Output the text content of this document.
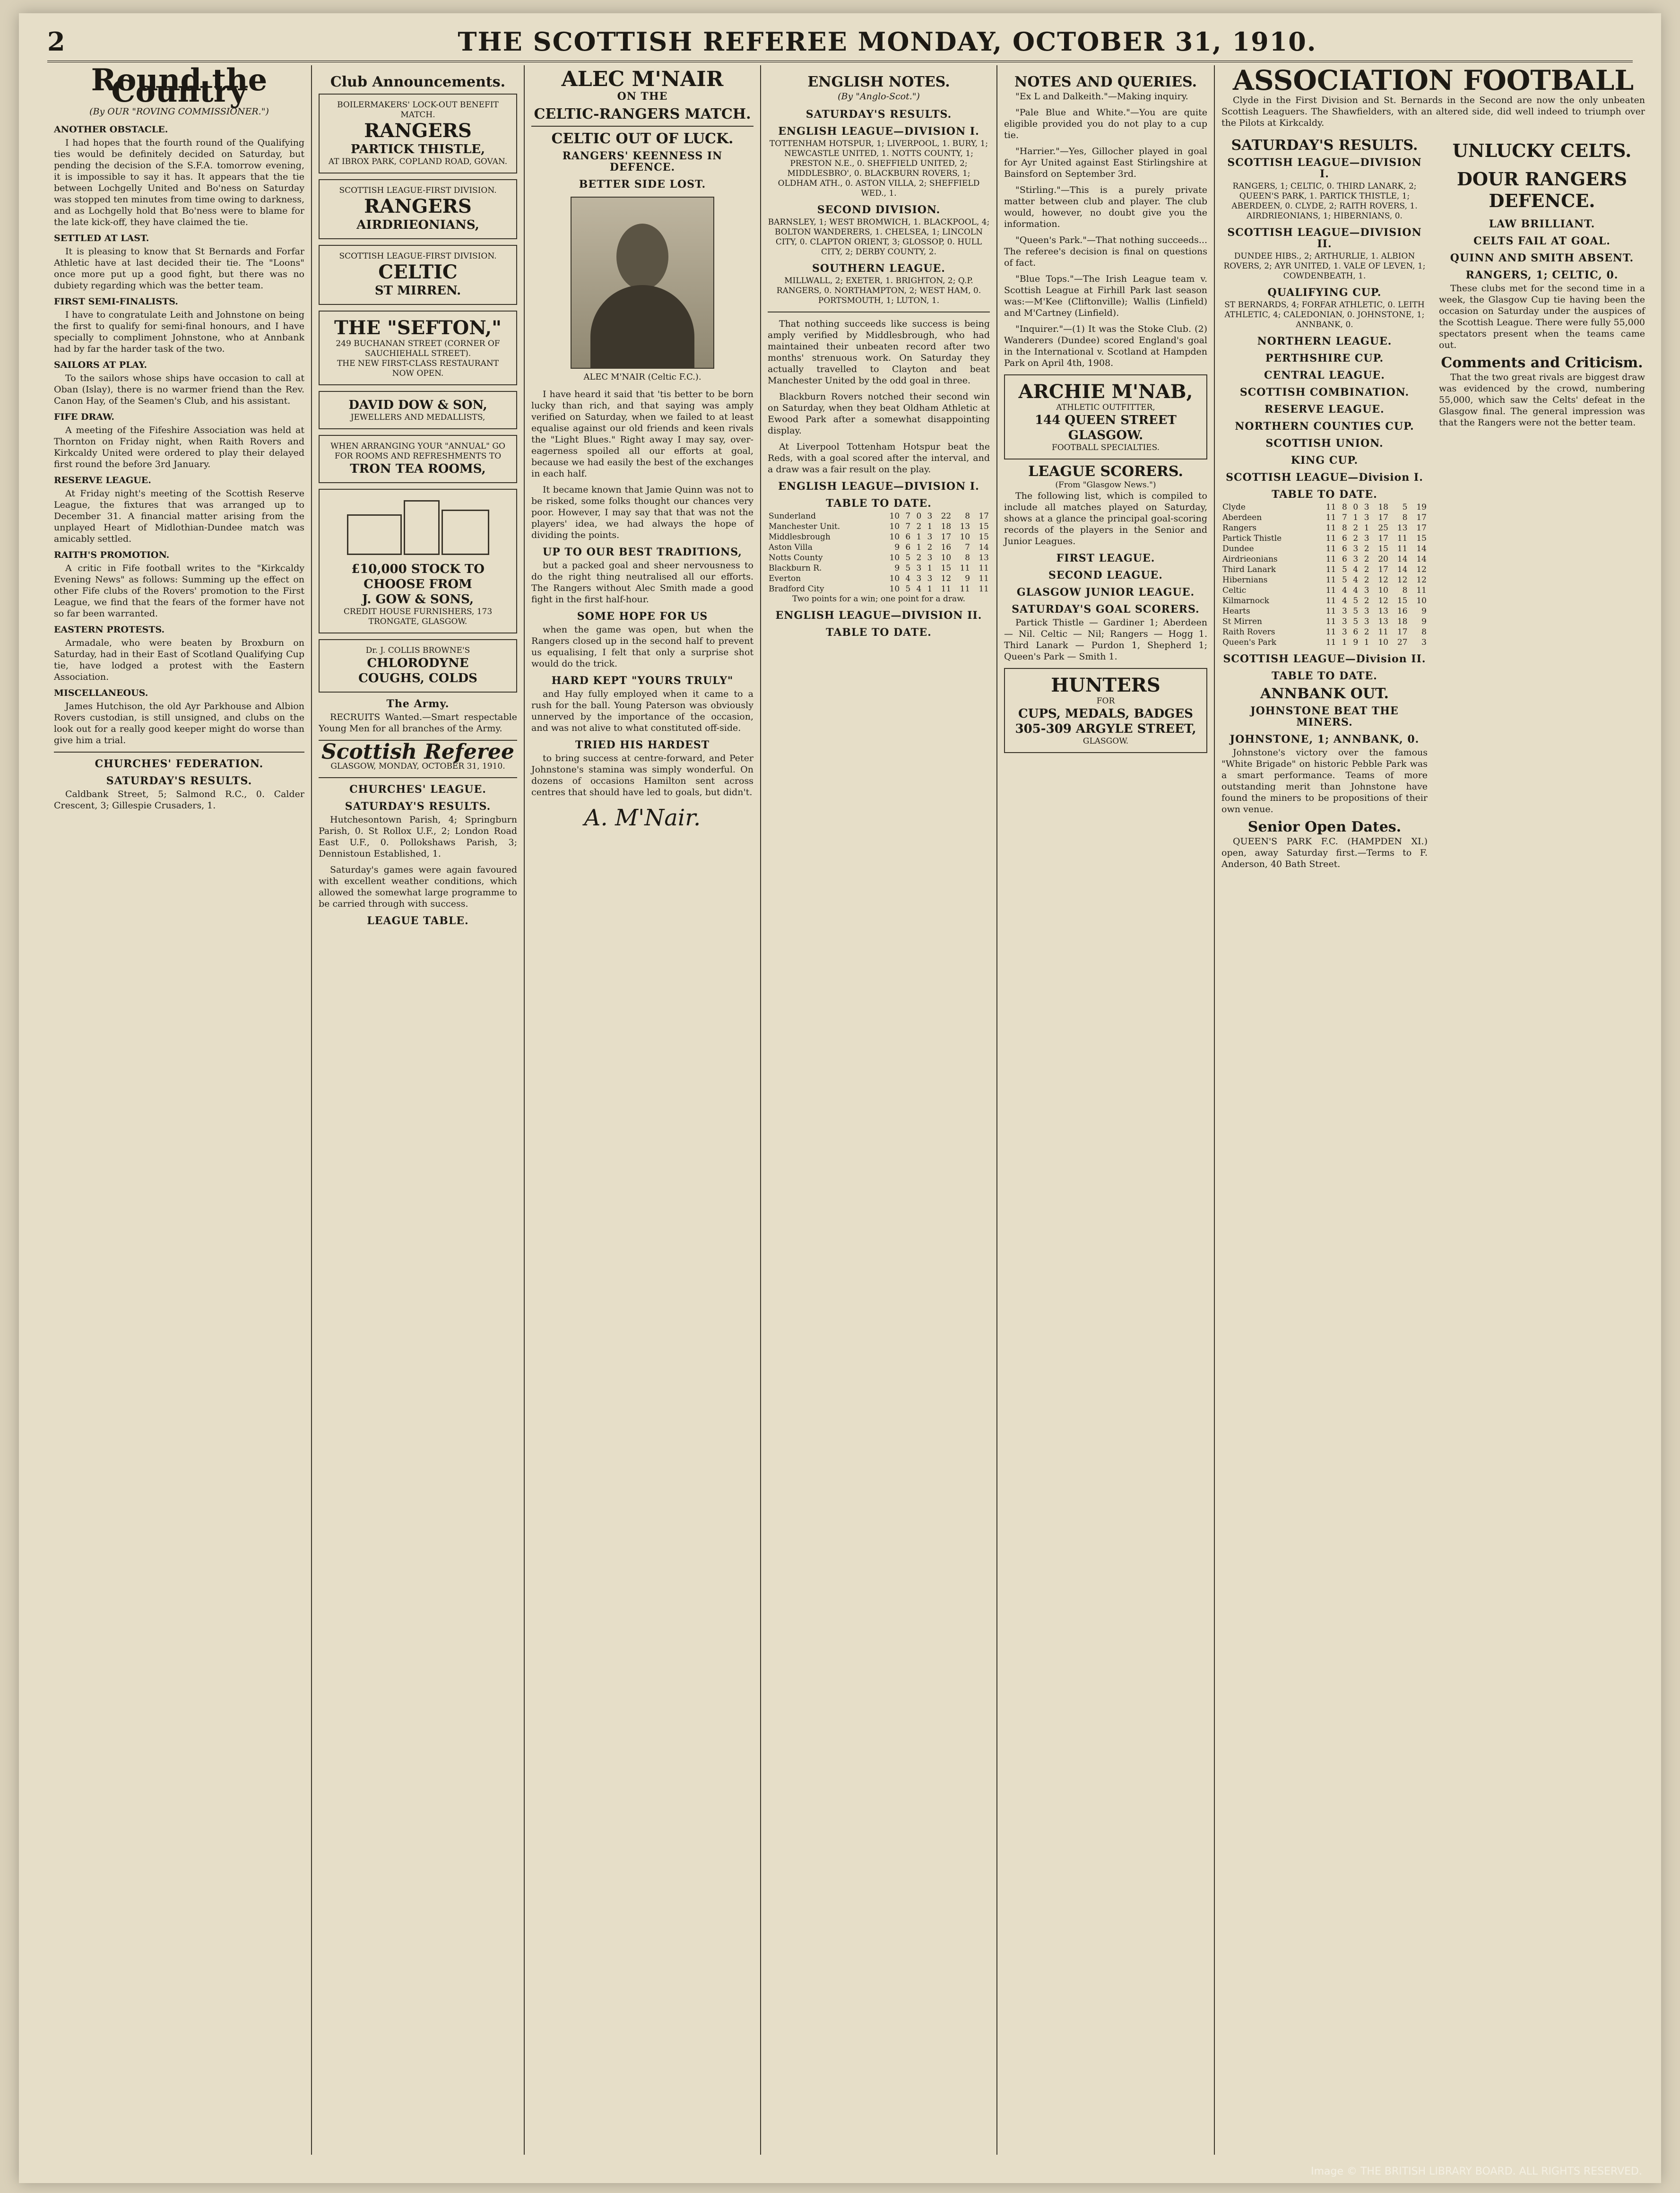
2	THE SCOTTISH REFEREE MONDAY, OCTOBER 31, 1910.
Round the Country
(By OUR "ROVING COMMISSIONER.")
ANOTHER OBSTACLE.

I had hopes that the fourth round of the Qualifying ties would be definitely decided on Saturday, but pending the decision of the S.F.A. tomorrow evening, it is impossible to say it has. It appears that the tie between Lochgelly United and Bo'ness on Saturday was stopped ten minutes from time owing to darkness, and as Lochgelly hold that Bo'ness were to blame for the late kick-off, they have claimed the tie.

SETTLED AT LAST.

It is pleasing to know that St Bernards and Forfar Athletic have at last decided their tie. The "Loons" once more put up a good fight, but there was no dubiety regarding which was the better team.

FIRST SEMI-FINALISTS.

I have to congratulate Leith and Johnstone on being the first to qualify for semi-final honours, and I have specially to compliment Johnstone, who at Annbank had by far the harder task of the two.

SAILORS AT PLAY.

To the sailors whose ships have occasion to call at Oban (Islay), there is no warmer friend than the Rev. Canon Hay, of the Seamen's Club, and his assistant.

FIFE DRAW.

A meeting of the Fifeshire Association was held at Thornton on Friday night, when Raith Rovers and Kirkcaldy United were ordered to play their delayed first round the before 3rd January.

RESERVE LEAGUE.

At Friday night's meeting of the Scottish Reserve League, the fixtures that was arranged up to December 31. A financial matter arising from the unplayed Heart of Midlothian-Dundee match was amicably settled.

RAITH'S PROMOTION.

A critic in Fife football writes to the "Kirkcaldy Evening News" as follows: Summing up the effect on other Fife clubs of the Rovers' promotion to the First League, we find that the fears of the former have not so far been warranted.

EASTERN PROTESTS.

Armadale, who were beaten by Broxburn on Saturday, had in their East of Scotland Qualifying Cup tie, have lodged a protest with the Eastern Association.

MISCELLANEOUS.

James Hutchison, the old Ayr Parkhouse and Albion Rovers custodian, is still unsigned, and clubs on the look out for a really good keeper might do worse than give him a trial.

CHURCHES' FEDERATION.
SATURDAY'S RESULTS.

Caldbank Street, 5; Salmond R.C., 0. Calder Crescent, 3; Gillespie Crusaders, 1.

Club Announcements.
BOILERMAKERS' LOCK-OUT BENEFIT MATCH.
RANGERS
PARTICK THISTLE,
AT IBROX PARK, COPLAND ROAD, GOVAN.
SCOTTISH LEAGUE-FIRST DIVISION.
RANGERS
AIRDRIEONIANS,
SCOTTISH LEAGUE-FIRST DIVISION.
CELTIC
ST MIRREN.
THE "SEFTON,"
249 BUCHANAN STREET (CORNER OF SAUCHIEHALL STREET).
THE NEW FIRST-CLASS RESTAURANT NOW OPEN.
DAVID DOW & SON,
JEWELLERS AND MEDALLISTS,
WHEN ARRANGING YOUR "ANNUAL" GO FOR ROOMS AND REFRESHMENTS TO
TRON TEA ROOMS,
£10,000 STOCK TO CHOOSE FROM
J. GOW & SONS,
CREDIT HOUSE FURNISHERS, 173 TRONGATE, GLASGOW.
Dr. J. COLLIS BROWNE'S
CHLORODYNE
COUGHS, COLDS
The Army.

RECRUITS Wanted.—Smart respectable Young Men for all branches of the Army.

Scottish Referee
GLASGOW, MONDAY, OCTOBER 31, 1910.
CHURCHES' LEAGUE.
SATURDAY'S RESULTS.

Hutchesontown Parish, 4; Springburn Parish, 0. St Rollox U.F., 2; London Road East U.F., 0. Pollokshaws Parish, 3; Dennistoun Established, 1.

Saturday's games were again favoured with excellent weather conditions, which allowed the somewhat large programme to be carried through with success.

LEAGUE TABLE.
ALEC M'NAIR
ON THE
CELTIC-RANGERS MATCH.
CELTIC OUT OF LUCK.
RANGERS' KEENNESS IN DEFENCE.
BETTER SIDE LOST.
ALEC M'NAIR (Celtic F.C.).

I have heard it said that 'tis better to be born lucky than rich, and that saying was amply verified on Saturday, when we failed to at least equalise against our old friends and keen rivals the "Light Blues." Right away I may say, over-eagerness spoiled all our efforts at goal, because we had easily the best of the exchanges in each half.

It became known that Jamie Quinn was not to be risked, some folks thought our chances very poor. However, I may say that that was not the players' idea, we had always the hope of dividing the points.

UP TO OUR BEST TRADITIONS,

but a packed goal and sheer nervousness to do the right thing neutralised all our efforts. The Rangers without Alec Smith made a good fight in the first half-hour.

SOME HOPE FOR US

when the game was open, but when the Rangers closed up in the second half to prevent us equalising, I felt that only a surprise shot would do the trick.

HARD KEPT "YOURS TRULY"

and Hay fully employed when it came to a rush for the ball. Young Paterson was obviously unnerved by the importance of the occasion, and was not alive to what constituted off-side.

TRIED HIS HARDEST

to bring success at centre-forward, and Peter Johnstone's stamina was simply wonderful. On dozens of occasions Hamilton sent across centres that should have led to goals, but didn't.

A. M'Nair.
ENGLISH NOTES.
(By "Anglo-Scot.")
SATURDAY'S RESULTS.
ENGLISH LEAGUE—DIVISION I.
TOTTENHAM HOTSPUR, 1; LIVERPOOL, 1. BURY, 1; NEWCASTLE UNITED, 1. NOTTS COUNTY, 1; PRESTON N.E., 0. SHEFFIELD UNITED, 2; MIDDLESBRO', 0. BLACKBURN ROVERS, 1; OLDHAM ATH., 0. ASTON VILLA, 2; SHEFFIELD WED., 1.
SECOND DIVISION.
BARNSLEY, 1; WEST BROMWICH, 1. BLACKPOOL, 4; BOLTON WANDERERS, 1. CHELSEA, 1; LINCOLN CITY, 0. CLAPTON ORIENT, 3; GLOSSOP, 0. HULL CITY, 2; DERBY COUNTY, 2.
SOUTHERN LEAGUE.
MILLWALL, 2; EXETER, 1. BRIGHTON, 2; Q.P. RANGERS, 0. NORTHAMPTON, 2; WEST HAM, 0. PORTSMOUTH, 1; LUTON, 1.

That nothing succeeds like success is being amply verified by Middlesbrough, who had maintained their unbeaten record after two months' strenuous work. On Saturday they actually travelled to Clayton and beat Manchester United by the odd goal in three.

Blackburn Rovers notched their second win on Saturday, when they beat Oldham Athletic at Ewood Park after a somewhat disappointing display.

At Liverpool Tottenham Hotspur beat the Reds, with a goal scored after the interval, and a draw was a fair result on the play.

ENGLISH LEAGUE—DIVISION I.
TABLE TO DATE.
Sunderland	10	7	0	3	22	8	17
Manchester Unit.	10	7	2	1	18	13	15
Middlesbrough	10	6	1	3	17	10	15
Aston Villa	9	6	1	2	16	7	14
Notts County	10	5	2	3	10	8	13
Blackburn R.	9	5	3	1	15	11	11
Everton	10	4	3	3	12	9	11
Bradford City	10	5	4	1	11	11	11
Two points for a win; one point for a draw.
ENGLISH LEAGUE—DIVISION II.
TABLE TO DATE.
NOTES AND QUERIES.

"Ex L and Dalkeith."—Making inquiry.

"Pale Blue and White."—You are quite eligible provided you do not play to a cup tie.

"Harrier."—Yes, Gillocher played in goal for Ayr United against East Stirlingshire at Bainsford on September 3rd.

"Stirling."—This is a purely private matter between club and player. The club would, however, no doubt give you the information.

"Queen's Park."—That nothing succeeds... The referee's decision is final on questions of fact.

"Blue Tops."—The Irish League team v. Scottish League at Firhill Park last season was:—M'Kee (Cliftonville); Wallis (Linfield) and M'Cartney (Linfield).

"Inquirer."—(1) It was the Stoke Club. (2) Wanderers (Dundee) scored England's goal in the International v. Scotland at Hampden Park on April 4th, 1908.

ARCHIE M'NAB,
ATHLETIC OUTFITTER,
144 QUEEN STREET
GLASGOW.
FOOTBALL SPECIALTIES.
LEAGUE SCORERS.
(From "Glasgow News.")

The following list, which is compiled to include all matches played on Saturday, shows at a glance the principal goal-scoring records of the players in the Senior and Junior Leagues.

FIRST LEAGUE.
SECOND LEAGUE.
GLASGOW JUNIOR LEAGUE.
SATURDAY'S GOAL SCORERS.

Partick Thistle — Gardiner 1; Aberdeen — Nil. Celtic — Nil; Rangers — Hogg 1. Third Lanark — Purdon 1, Shepherd 1; Queen's Park — Smith 1.

HUNTERS
FOR
CUPS, MEDALS, BADGES
305-309 ARGYLE STREET,
GLASGOW.
ASSOCIATION FOOTBALL

Clyde in the First Division and St. Bernards in the Second are now the only unbeaten Scottish Leaguers. The Shawfielders, with an altered side, did well indeed to triumph over the Pilots at Kirkcaldy.

SATURDAY'S RESULTS.
SCOTTISH LEAGUE—DIVISION I.
RANGERS, 1; CELTIC, 0. THIRD LANARK, 2; QUEEN'S PARK, 1. PARTICK THISTLE, 1; ABERDEEN, 0. CLYDE, 2; RAITH ROVERS, 1. AIRDRIEONIANS, 1; HIBERNIANS, 0.
SCOTTISH LEAGUE—DIVISION II.
DUNDEE HIBS., 2; ARTHURLIE, 1. ALBION ROVERS, 2; AYR UNITED, 1. VALE OF LEVEN, 1; COWDENBEATH, 1.
QUALIFYING CUP.
ST BERNARDS, 4; FORFAR ATHLETIC, 0. LEITH ATHLETIC, 4; CALEDONIAN, 0. JOHNSTONE, 1; ANNBANK, 0.
NORTHERN LEAGUE.
PERTHSHIRE CUP.
CENTRAL LEAGUE.
SCOTTISH COMBINATION.
RESERVE LEAGUE.
NORTHERN COUNTIES CUP.
SCOTTISH UNION.
KING CUP.
SCOTTISH LEAGUE—Division I.
TABLE TO DATE.
Clyde	11	8	0	3	18	5	19
Aberdeen	11	7	1	3	17	8	17
Rangers	11	8	2	1	25	13	17
Partick Thistle	11	6	2	3	17	11	15
Dundee	11	6	3	2	15	11	14
Airdrieonians	11	6	3	2	20	14	14
Third Lanark	11	5	4	2	17	14	12
Hibernians	11	5	4	2	12	12	12
Celtic	11	4	4	3	10	8	11
Kilmarnock	11	4	5	2	12	15	10
Hearts	11	3	5	3	13	16	9
St Mirren	11	3	5	3	13	18	9
Raith Rovers	11	3	6	2	11	17	8
Queen's Park	11	1	9	1	10	27	3
SCOTTISH LEAGUE—Division II.
TABLE TO DATE.
ANNBANK OUT.
JOHNSTONE BEAT THE MINERS.
JOHNSTONE, 1; ANNBANK, 0.

Johnstone's victory over the famous "White Brigade" on historic Pebble Park was a smart performance. Teams of more outstanding merit than Johnstone have found the miners to be propositions of their own venue.

Senior Open Dates.

QUEEN'S PARK F.C. (HAMPDEN XI.) open, away Saturday first.—Terms to F. Anderson, 40 Bath Street.

UNLUCKY CELTS.
DOUR RANGERS DEFENCE.
LAW BRILLIANT.
CELTS FAIL AT GOAL.
QUINN AND SMITH ABSENT.
RANGERS, 1; CELTIC, 0.

These clubs met for the second time in a week, the Glasgow Cup tie having been the occasion on Saturday under the auspices of the Scottish League. There were fully 55,000 spectators present when the teams came out.

Comments and Criticism.

That the two great rivals are biggest draw was evidenced by the crowd, numbering 55,000, which saw the Celts' defeat in the Glasgow final. The general impression was that the Rangers were not the better team.

Image © THE BRITISH LIBRARY BOARD. ALL RIGHTS RESERVED.
